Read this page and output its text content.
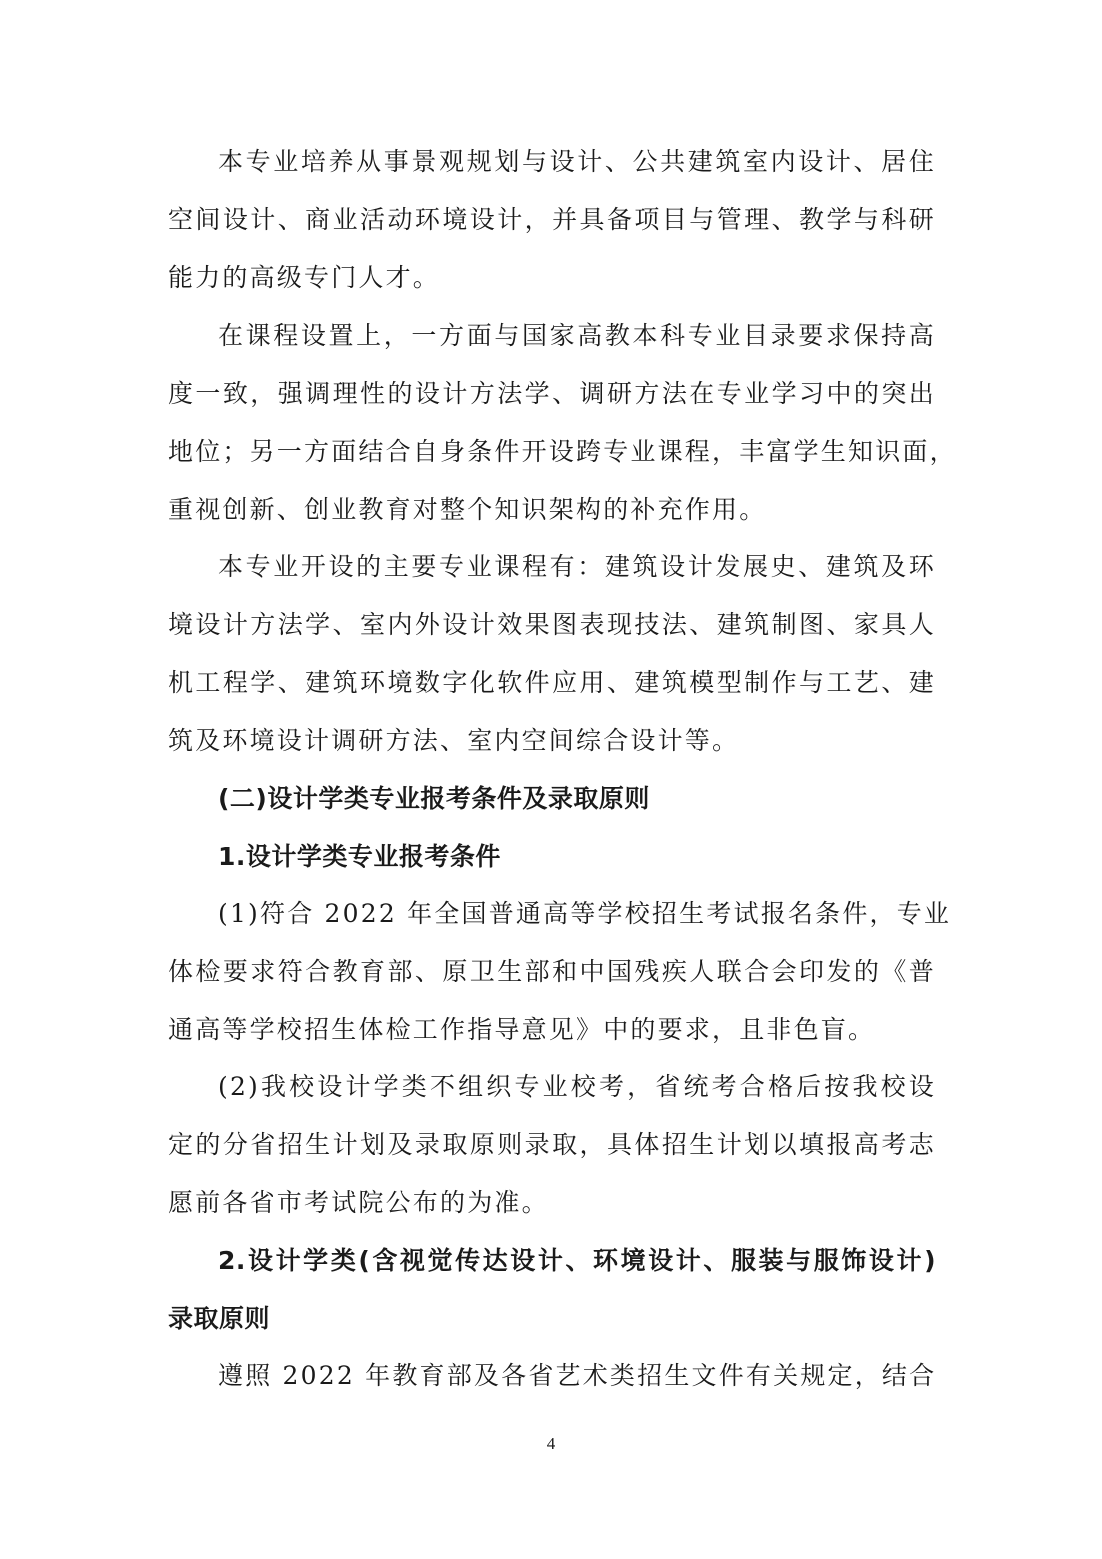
本专业培养从事景观规划与设计、公共建筑室内设计、居住
空间设计、商业活动环境设计，并具备项目与管理、教学与科研
能力的高级专门人才。
在课程设置上，一方面与国家高教本科专业目录要求保持高
度一致，强调理性的设计方法学、调研方法在专业学习中的突出
地位；另一方面结合自身条件开设跨专业课程，丰富学生知识面，
重视创新、创业教育对整个知识架构的补充作用。
本专业开设的主要专业课程有：建筑设计发展史、建筑及环
境设计方法学、室内外设计效果图表现技法、建筑制图、家具人
机工程学、建筑环境数字化软件应用、建筑模型制作与工艺、建
筑及环境设计调研方法、室内空间综合设计等。
(二)设计学类专业报考条件及录取原则
1.设计学类专业报考条件
(1)符合 2022 年全国普通高等学校招生考试报名条件，专业
体检要求符合教育部、原卫生部和中国残疾人联合会印发的《普
通高等学校招生体检工作指导意见》中的要求，且非色盲。
(2)我校设计学类不组织专业校考，省统考合格后按我校设
定的分省招生计划及录取原则录取，具体招生计划以填报高考志
愿前各省市考试院公布的为准。
2.设计学类(含视觉传达设计、环境设计、服装与服饰设计)
录取原则
遵照 2022 年教育部及各省艺术类招生文件有关规定，结合
4
